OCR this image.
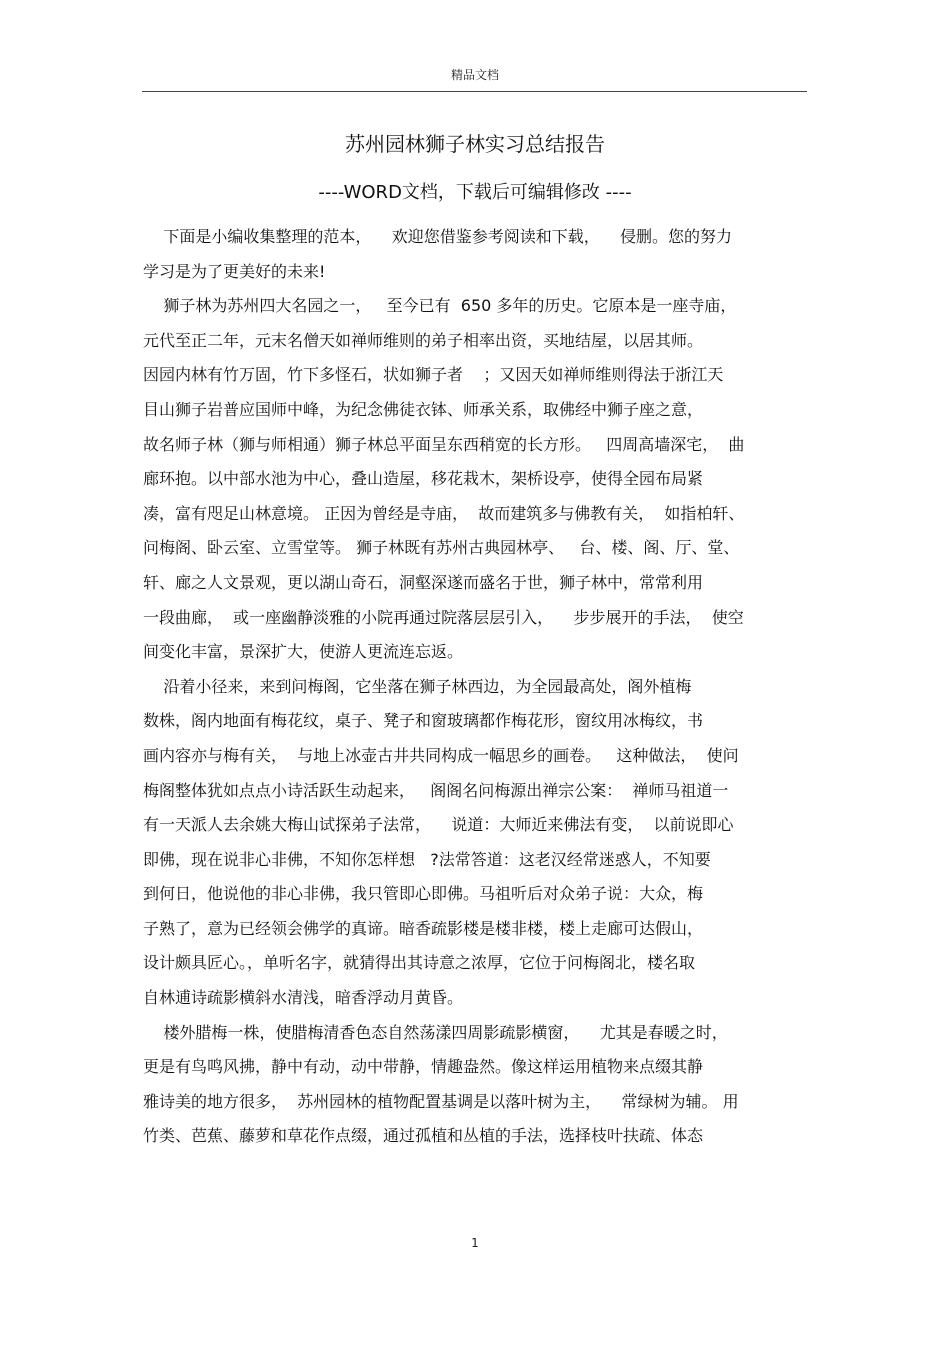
精品文档
苏州园林狮子林实习总结报告
----WORD文档，下载后可编辑修改 ----
下面是小编收集整理的范本，    欢迎您借鉴参考阅读和下载，    侵删。您的努力
学习是为了更美好的未来!
狮子林为苏州四大名园之一，   至今已有  650 多年的历史。它原本是一座寺庙，
元代至正二年，元末名僧天如禅师维则的弟子相率出资，买地结屋，以居其师。
因园内林有竹万固，竹下多怪石，状如狮子者    ；又因天如禅师维则得法于浙江天
目山狮子岩普应国师中峰，为纪念佛徒衣钵、师承关系，取佛经中狮子座之意，
故名师子林（狮与师相通）狮子林总平面呈东西稍宽的长方形。   四周高墙深宅，  曲
廊环抱。以中部水池为中心，叠山造屋，移花栽木，架桥设亭，使得全园布局紧
凑，富有咫足山林意境。 正因为曾经是寺庙，  故而建筑多与佛教有关，  如指柏轩、
问梅阁、卧云室、立雪堂等。 狮子林既有苏州古典园林亭、   台、楼、阁、厅、堂、
轩、廊之人文景观，更以湖山奇石，洞壑深遂而盛名于世，狮子林中，常常利用
一段曲廊，  或一座幽静淡雅的小院再通过院落层层引入，    步步展开的手法，  使空
间变化丰富，景深扩大，使游人更流连忘返。
沿着小径来，来到问梅阁，它坐落在狮子林西边，为全园最高处，阁外植梅
数株，阁内地面有梅花纹，桌子、凳子和窗玻璃都作梅花形，窗纹用冰梅纹，书
画内容亦与梅有关，  与地上冰壶古井共同构成一幅思乡的画卷。   这种做法，  使问
梅阁整体犹如点点小诗活跃生动起来，   阁阁名问梅源出禅宗公案：  禅师马祖道一
有一天派人去余姚大梅山试探弟子法常，    说道：大师近来佛法有变，  以前说即心
即佛，现在说非心非佛，不知你怎样想   ?法常答道：这老汉经常迷惑人，不知要
到何日，他说他的非心非佛，我只管即心即佛。马祖听后对众弟子说：大众，梅
子熟了，意为已经领会佛学的真谛。暗香疏影楼是楼非楼，楼上走廊可达假山，
设计颇具匠心。，单听名字，就猜得出其诗意之浓厚，它位于问梅阁北，楼名取
自林逋诗疏影横斜水清浅，暗香浮动月黄昏。
楼外腊梅一株，使腊梅清香色态自然荡漾四周影疏影横窗，    尤其是春暖之时，
更是有鸟鸣风拂，静中有动，动中带静，情趣盎然。像这样运用植物来点缀其静
雅诗美的地方很多，  苏州园林的植物配置基调是以落叶树为主，    常绿树为辅。 用
竹类、芭蕉、藤萝和草花作点缀，通过孤植和丛植的手法，选择枝叶扶疏、体态
1
